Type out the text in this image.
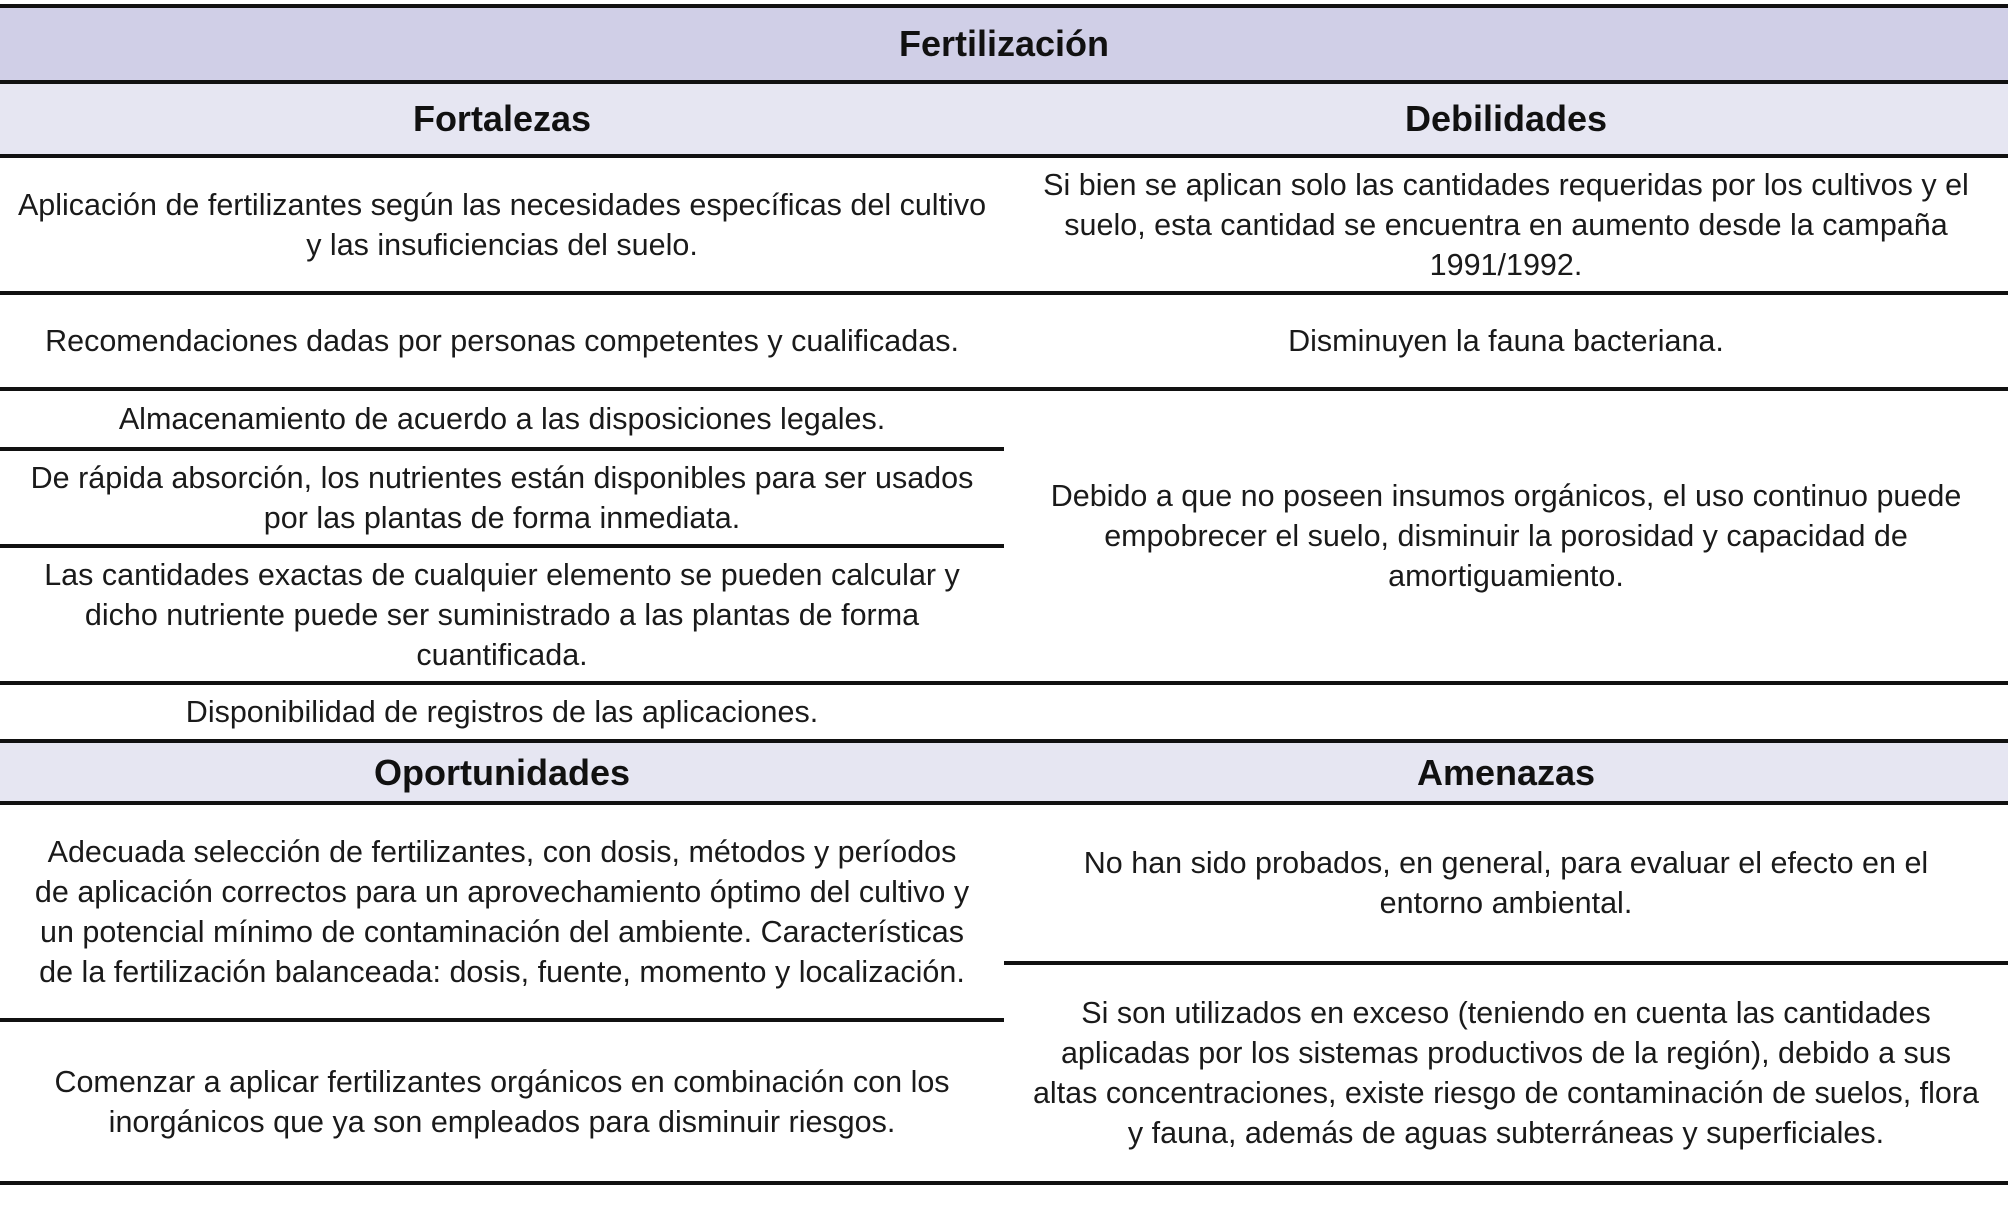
Fertilización
Fortalezas	Debilidades
Oportunidades	Amenazas
Aplicación de fertilizantes según las necesidades específicas del cultivo y las insuficiencias del suelo.
Recomendaciones dadas por personas competentes y cualificadas.
Almacenamiento de acuerdo a las disposiciones legales.
De rápida absorción, los nutrientes están disponibles para ser usados por las plantas de forma inmediata.
Las cantidades exactas de cualquier elemento se pueden calcular y dicho nutriente puede ser suministrado a las plantas de forma cuantificada.
Disponibilidad de registros de las aplicaciones.
Si bien se aplican solo las cantidades requeridas por los cultivos y el suelo, esta cantidad se encuentra en aumento desde la campaña 1991/1992.
Disminuyen la fauna bacteriana.
Debido a que no poseen insumos orgánicos, el uso continuo puede empobrecer el suelo, disminuir la porosidad y capacidad de amortiguamiento.
Adecuada selección de fertilizantes, con dosis, métodos y períodos de aplicación correctos para un aprovechamiento óptimo del cultivo y un potencial mínimo de contaminación del ambiente. Características de la fertilización balanceada: dosis, fuente, momento y localización.
Comenzar a aplicar fertilizantes orgánicos en combinación con los inorgánicos que ya son empleados para disminuir riesgos.
No han sido probados, en general, para evaluar el efecto en el entorno ambiental.
Si son utilizados en exceso (teniendo en cuenta las cantidades aplicadas por los sistemas productivos de la región), debido a sus altas concentraciones, existe riesgo de contaminación de suelos, flora y fauna, además de aguas subterráneas y superficiales.
